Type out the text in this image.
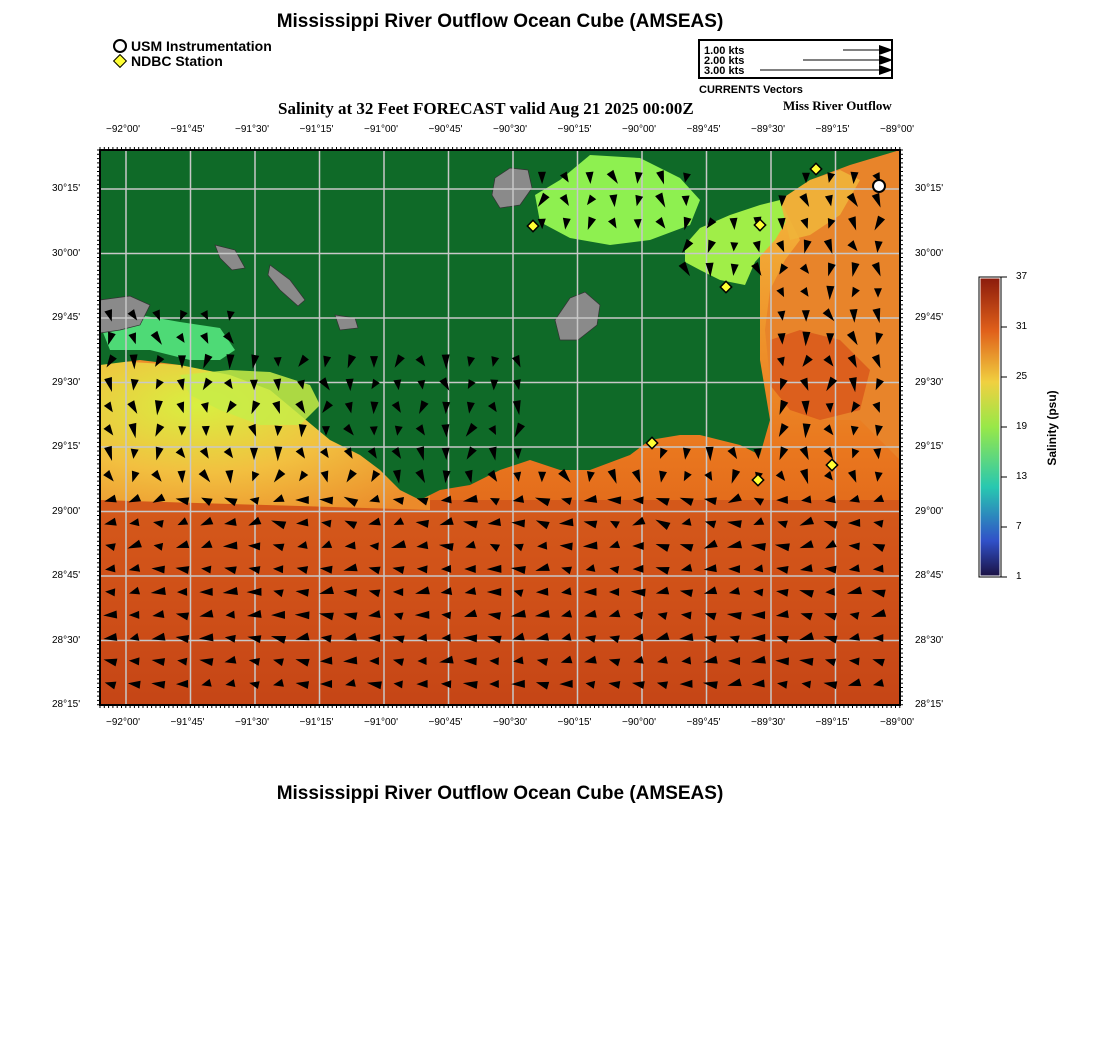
Mississippi River Outflow Ocean Cube (AMSEAS)
USM Instrumentation
NDBC Station
1.00 kts
2.00 kts
3.00 kts
CURRENTS Vectors
Salinity at 32 Feet FORECAST valid Aug 21 2025 00:00Z	Miss River Outflow
−92°00'	−91°45'	−91°30'	−91°15'	−91°00'	−90°45'	−90°30'	−90°15'	−90°00'	−89°45'	−89°30'	−89°15'	−89°00'
−92°00'	−91°45'	−91°30'	−91°15'	−91°00'	−90°45'	−90°30'	−90°15'	−90°00'	−89°45'	−89°30'	−89°15'	−89°00'
30°15'
30°00'
29°45'
29°30'
29°15'
29°00'
28°45'
28°30'
28°15'
30°15'
30°00'
29°45'
29°30'
29°15'
29°00'
28°45'
28°30'
28°15'
37
31
25
19
13
7
1
Salinity (psu)
Mississippi River Outflow Ocean Cube (AMSEAS)
